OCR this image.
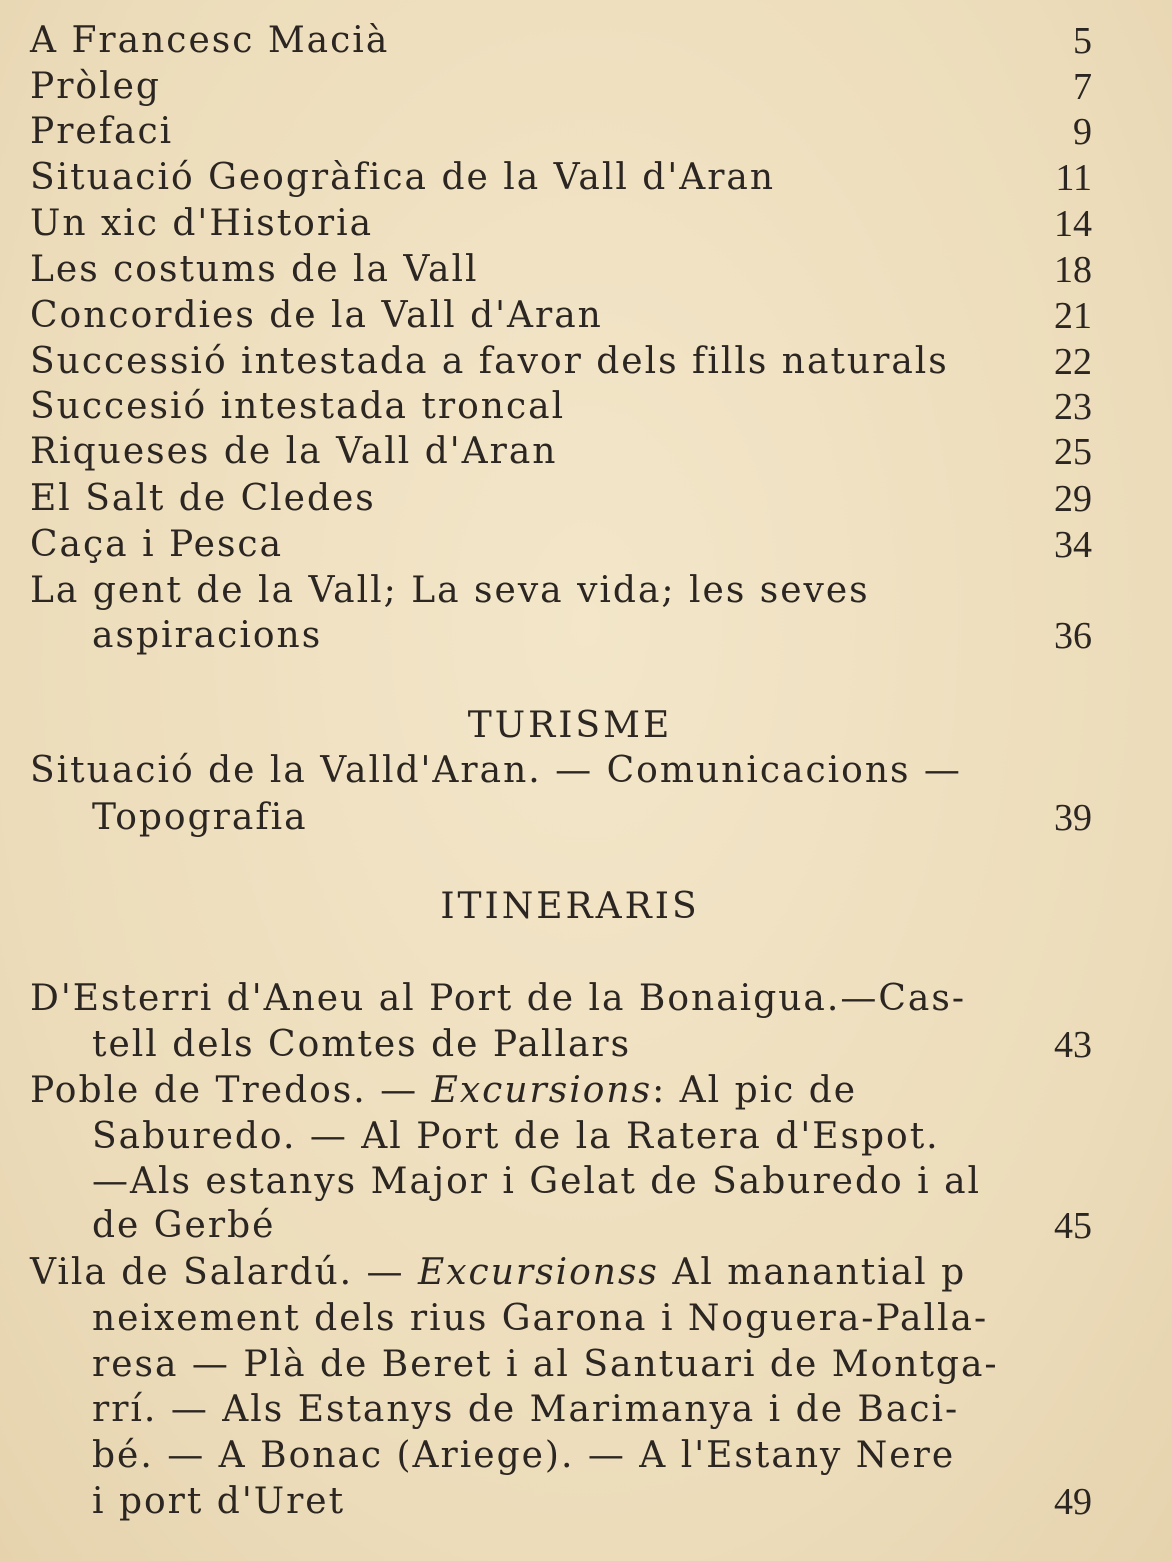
A Francesc Macià	5
Pròleg	7
Prefaci	9
Situació Geogràfica de la Vall d'Aran	11
Un xic d'Historia	14
Les costums de la Vall	18
Concordies de la Vall d'Aran	21
Successió intestada a favor dels fills naturals	22
Succesió intestada troncal	23
Riqueses de la Vall d'Aran	25
El Salt de Cledes	29
Caça i Pesca	34
La gent de la Vall; La seva vida; les seves
aspiracions	36
TURISME
Situació de la Valld'Aran. — Comunicacions —
Topografia	39
ITINERARIS
D'Esterri d'Aneu al Port de la Bonaigua.—Cas-
tell dels Comtes de Pallars	43
Poble de Tredos. — Excursions: Al pic de
Saburedo. — Al Port de la Ratera d'Espot.
—Als estanys Major i Gelat de Saburedo i al
de Gerbé	45
Vila de Salardú. — Excursionss Al manantial p
neixement dels rius Garona i Noguera-Palla-
resa — Plà de Beret i al Santuari de Montga-
rrí. — Als Estanys de Marimanya i de Baci-
bé. — A Bonac (Ariege). — A l'Estany Nere
i port d'Uret	49
